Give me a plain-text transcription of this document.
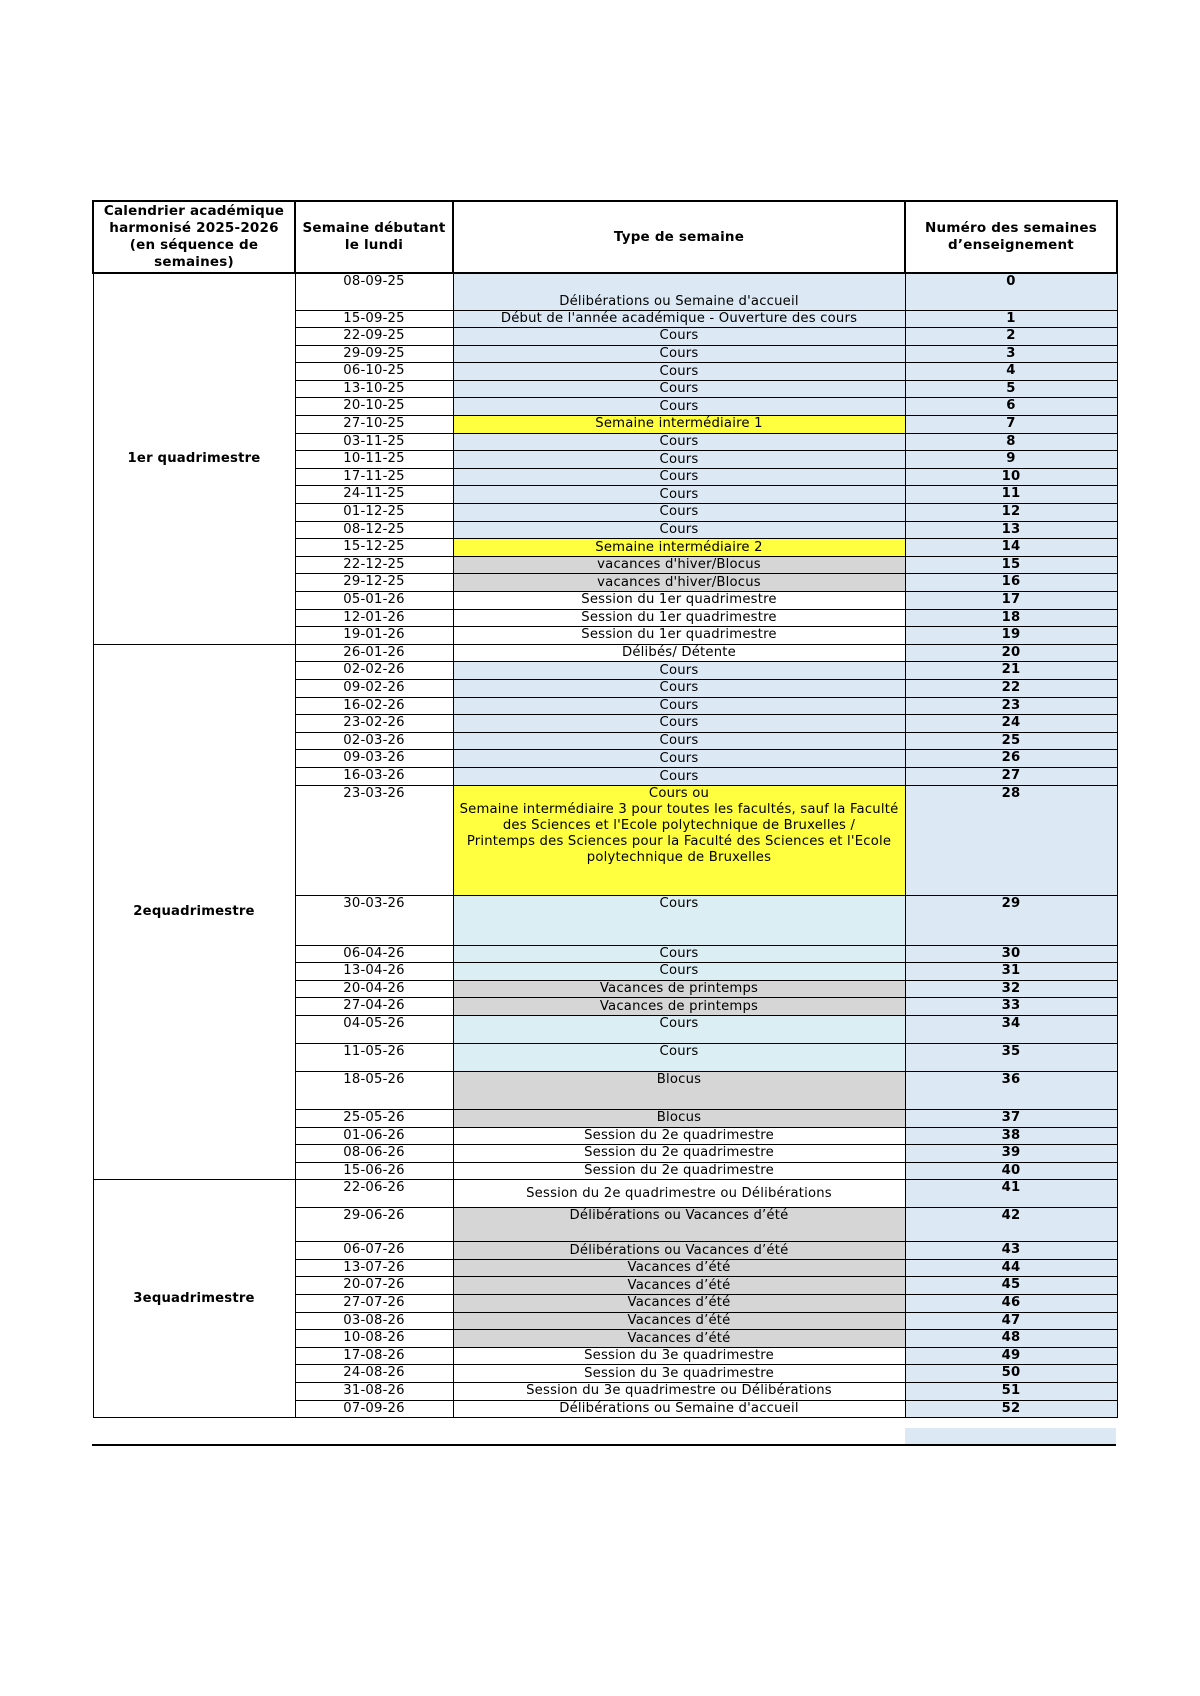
Calendrier académique harmonisé 2025-2026 (en séquence de semaines)	Semaine débutant le lundi	Type de semaine	Numéro des semaines d’enseignement
1er quadrimestre	08-09-25	Délibérations ou Semaine d'accueil	0
	15-09-25	Début de l'année académique - Ouverture des cours	1
	22-09-25	Cours	2
	29-09-25	Cours	3
	06-10-25	Cours	4
	13-10-25	Cours	5
	20-10-25	Cours	6
	27-10-25	Semaine intermédiaire 1	7
	03-11-25	Cours	8
	10-11-25	Cours	9
	17-11-25	Cours	10
	24-11-25	Cours	11
	01-12-25	Cours	12
	08-12-25	Cours	13
	15-12-25	Semaine intermédiaire 2	14
	22-12-25	vacances d'hiver/Blocus	15
	29-12-25	vacances d'hiver/Blocus	16
	05-01-26	Session du 1er quadrimestre	17
	12-01-26	Session du 1er quadrimestre	18
	19-01-26	Session du 1er quadrimestre	19
2equadrimestre	26-01-26	Délibés/ Détente	20
	02-02-26	Cours	21
	09-02-26	Cours	22
	16-02-26	Cours	23
	23-02-26	Cours	24
	02-03-26	Cours	25
	09-03-26	Cours	26
	16-03-26	Cours	27
	23-03-26	Cours ou
Semaine intermédiaire 3 pour toutes les facultés, sauf la Faculté des Sciences et l'Ecole polytechnique de Bruxelles /
Printemps des Sciences pour la Faculté des Sciences et l'Ecole polytechnique de Bruxelles	28
	30-03-26	Cours	29
	06-04-26	Cours	30
	13-04-26	Cours	31
	20-04-26	Vacances de printemps	32
	27-04-26	Vacances de printemps	33
	04-05-26	Cours	34
	11-05-26	Cours	35
	18-05-26	Blocus	36
	25-05-26	Blocus	37
	01-06-26	Session du 2e quadrimestre	38
	08-06-26	Session du 2e quadrimestre	39
	15-06-26	Session du 2e quadrimestre	40
3equadrimestre	22-06-26	Session du 2e quadrimestre ou Délibérations	41
	29-06-26	Délibérations ou Vacances d’été	42
	06-07-26	Délibérations ou Vacances d’été	43
	13-07-26	Vacances d’été	44
	20-07-26	Vacances d’été	45
	27-07-26	Vacances d’été	46
	03-08-26	Vacances d’été	47
	10-08-26	Vacances d’été	48
	17-08-26	Session du 3e quadrimestre	49
	24-08-26	Session du 3e quadrimestre	50
	31-08-26	Session du 3e quadrimestre ou Délibérations	51
	07-09-26	Délibérations ou Semaine d'accueil	52
